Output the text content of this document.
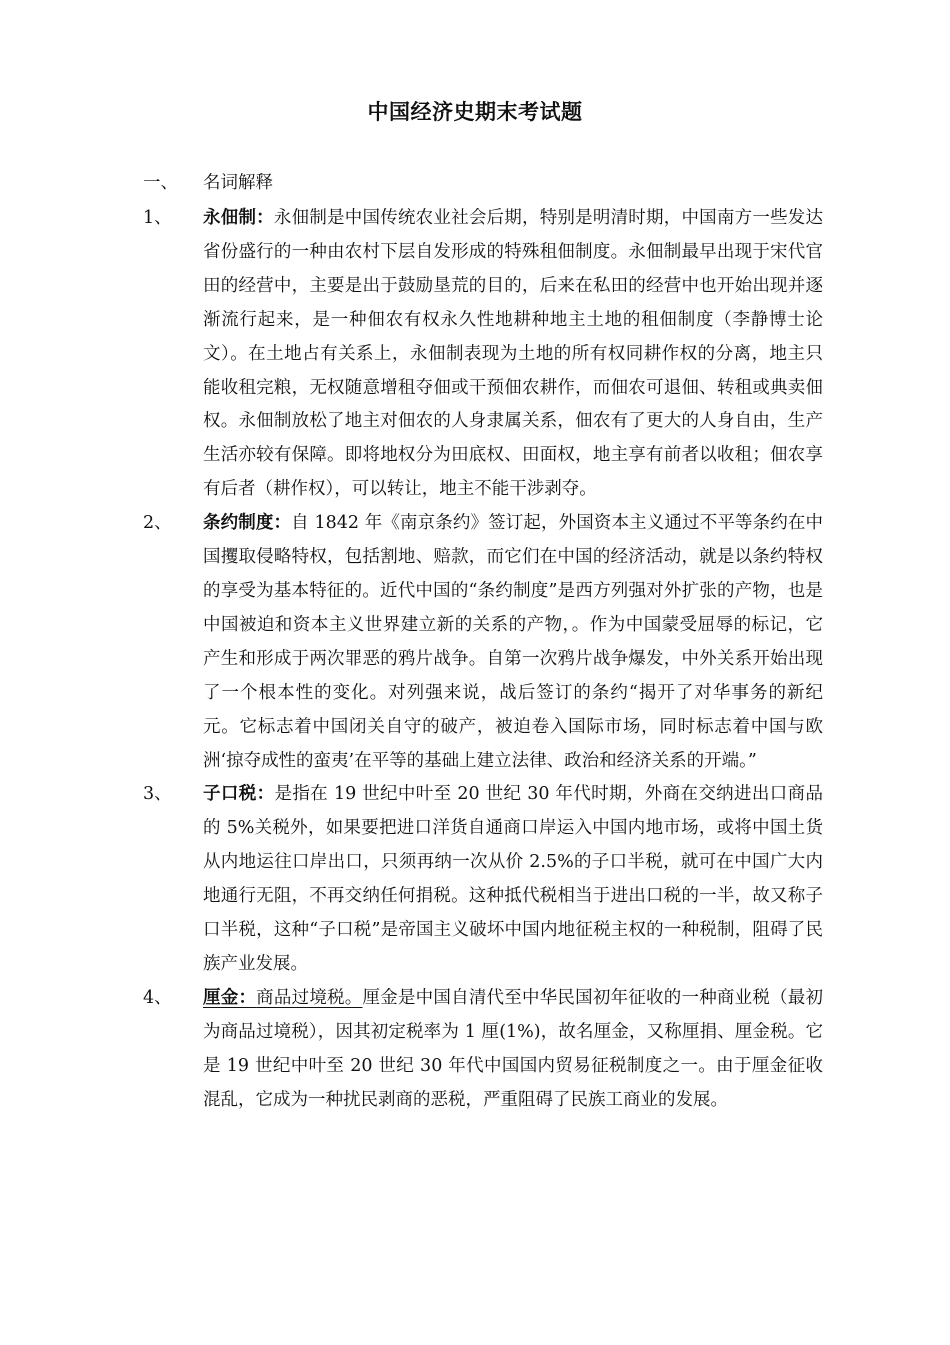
中国经济史期末考试题
一、 名词解释
1、 永佃制：永佃制是中国传统农业社会后期，特别是明清时期，中国南方一些发达省份盛行的一种由农村下层自发形成的特殊租佃制度。永佃制最早出现于宋代官田的经营中，主要是出于鼓励垦荒的目的，后来在私田的经营中也开始出现并逐渐流行起来，是一种佃农有权永久性地耕种地主土地的租佃制度（李静博士论文）。在土地占有关系上，永佃制表现为土地的所有权同耕作权的分离，地主只能收租完粮，无权随意增租夺佃或干预佃农耕作，而佃农可退佃、转租或典卖佃权。永佃制放松了地主对佃农的人身隶属关系，佃农有了更大的人身自由，生产生活亦较有保障。即将地权分为田底权、田面权，地主享有前者以收租；佃农享有后者（耕作权），可以转让，地主不能干涉剥夺。
2、 条约制度：自 1842 年《南京条约》签订起，外国资本主义通过不平等条约在中国攫取侵略特权，包括割地、赔款，而它们在中国的经济活动，就是以条约特权的享受为基本特征的。近代中国的“条约制度”是西方列强对外扩张的产物，也是中国被迫和资本主义世界建立新的关系的产物，。作为中国蒙受屈辱的标记，它产生和形成于两次罪恶的鸦片战争。自第一次鸦片战争爆发，中外关系开始出现了一个根本性的变化。对列强来说，战后签订的条约“揭开了对华事务的新纪元。它标志着中国闭关自守的破产，被迫卷入国际市场，同时标志着中国与欧洲‘掠夺成性的蛮夷’在平等的基础上建立法律、政治和经济关系的开端。”
3、 子口税：是指在 19 世纪中叶至 20 世纪 30 年代时期，外商在交纳进出口商品的 5%关税外，如果要把进口洋货自通商口岸运入中国内地市场，或将中国土货从内地运往口岸出口，只须再纳一次从价 2.5%的子口半税，就可在中国广大内地通行无阻，不再交纳任何捐税。这种抵代税相当于进出口税的一半，故又称子口半税，这种“子口税”是帝国主义破坏中国内地征税主权的一种税制，阻碍了民族产业发展。
4、 厘金：商品过境税。厘金是中国自清代至中华民国初年征收的一种商业税（最初为商品过境税），因其初定税率为 1 厘(1%)，故名厘金，又称厘捐、厘金税。它是 19 世纪中叶至 20 世纪 30 年代中国国内贸易征税制度之一。由于厘金征收混乱，它成为一种扰民剥商的恶税，严重阻碍了民族工商业的发展。
